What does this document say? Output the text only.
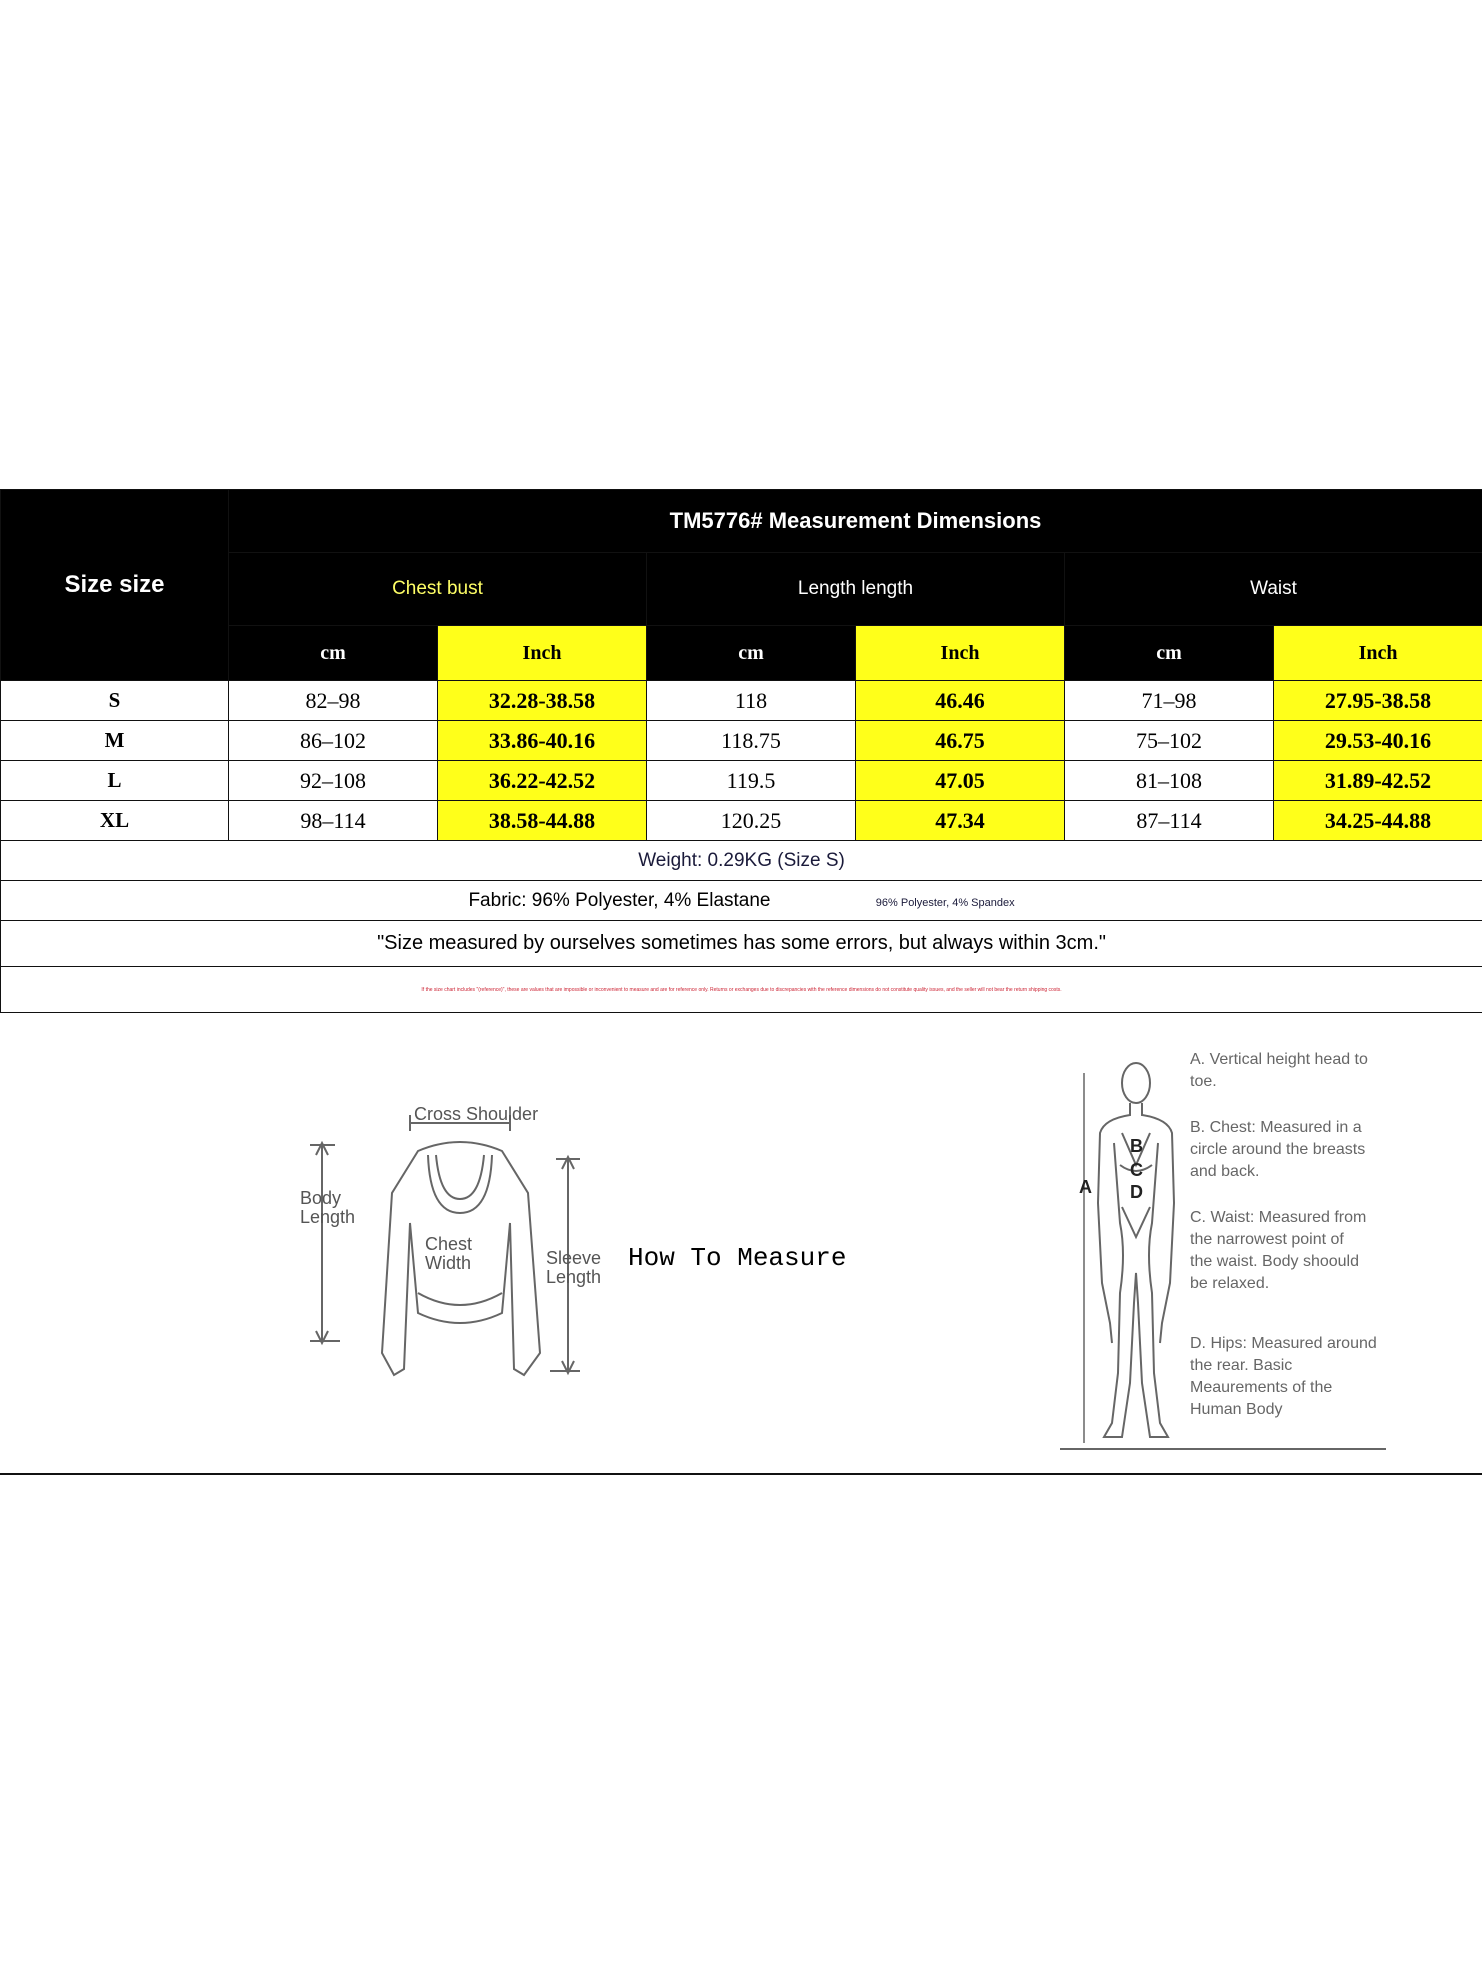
Size size	TM5776# Measurement Dimensions					
	Chest bust		Length length		Waist	
	cm	Inch	cm	Inch	cm	Inch
S	82–98	32.28-38.58	118	46.46	71–98	27.95-38.58
M	86–102	33.86-40.16	118.75	46.75	75–102	29.53-40.16
L	92–108	36.22-42.52	119.5	47.05	81–108	31.89-42.52
XL	98–114	38.58-44.88	120.25	47.34	87–114	34.25-44.88
Weight: 0.29KG (Size S)						
Fabric: 96% Polyester, 4% Elastane 96% Polyester, 4% Spandex						
"Size measured by ourselves sometimes has some errors, but always within 3cm."						
If the size chart includes "(reference)", these are values that are impossible or inconvenient to measure and are for reference only. Returns or exchanges due to discrepancies with the reference dimensions do not constitute quality issues, and the seller will not bear the return shipping costs.						
Cross Shoulder
Body Length
Chest Width	Sleeve Length
How To Measure
A
B
C
D
A. Vertical height head to toe.
B. Chest: Measured in a circle around the breasts and back.
C. Waist: Measured from the narrowest point of the waist. Body shoould be relaxed.
D. Hips: Measured around the rear. Basic Meaurements of the Human Body
